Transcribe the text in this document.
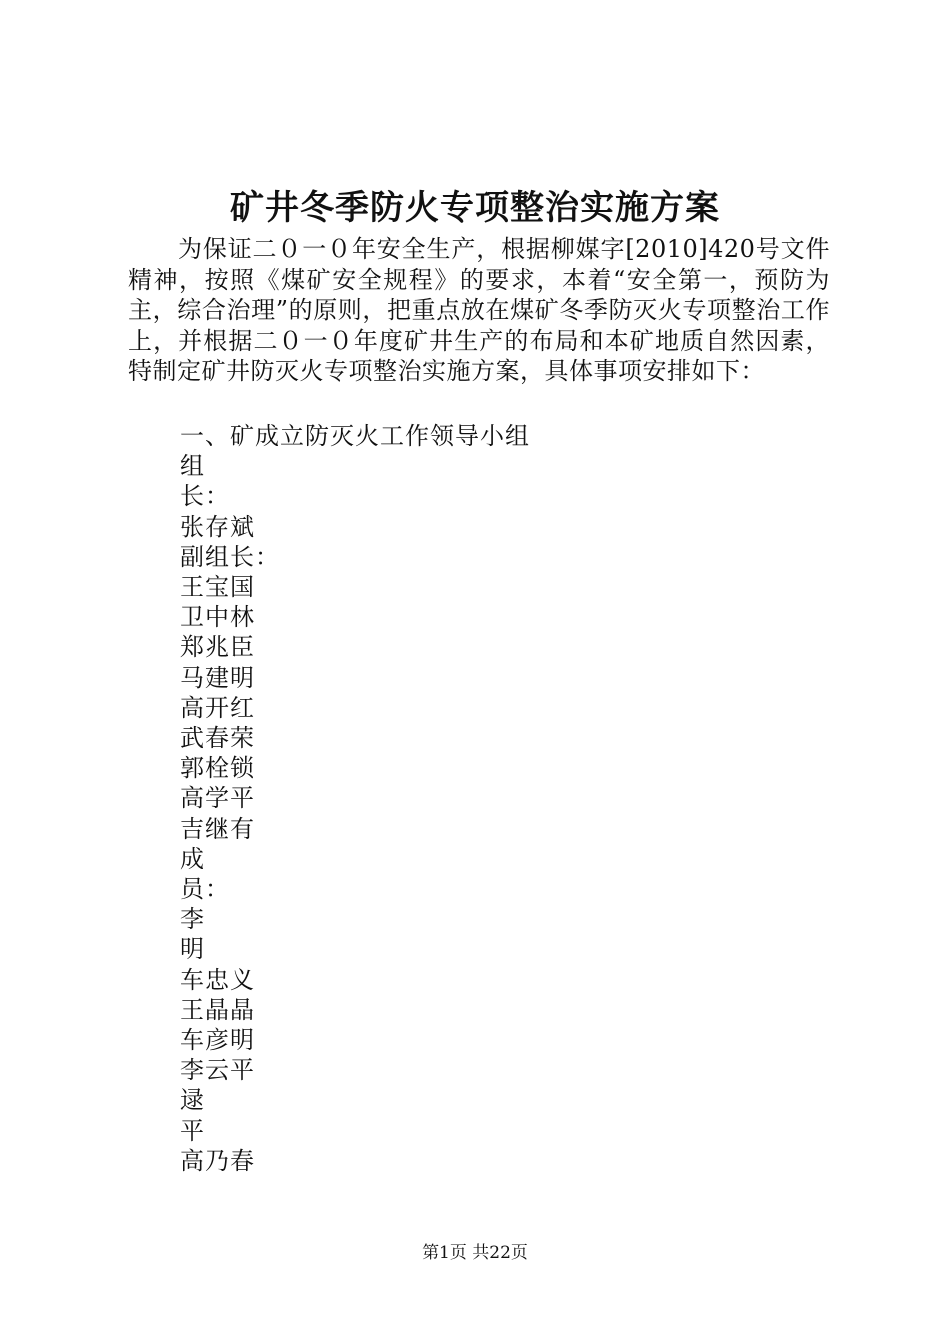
矿井冬季防火专项整治实施方案

为保证二０一０年安全生产，根据柳媒字[2010]420号文件精神，按照《煤矿安全规程》的要求，本着“安全第一，预防为主，综合治理”的原则，把重点放在煤矿冬季防灭火专项整治工作上，并根据二０一０年度矿井生产的布局和本矿地质自然因素，特制定矿井防灭火专项整治实施方案，具体事项安排如下：

一、矿成立防灭火工作领导小组
组
长：
张存斌
副组长：
王宝国
卫中林
郑兆臣
马建明
高开红
武春荣
郭栓锁
高学平
吉继有
成
员：
李
明
车忠义
王晶晶
车彦明
李云平
逯
平
高乃春
第1页 共22页
